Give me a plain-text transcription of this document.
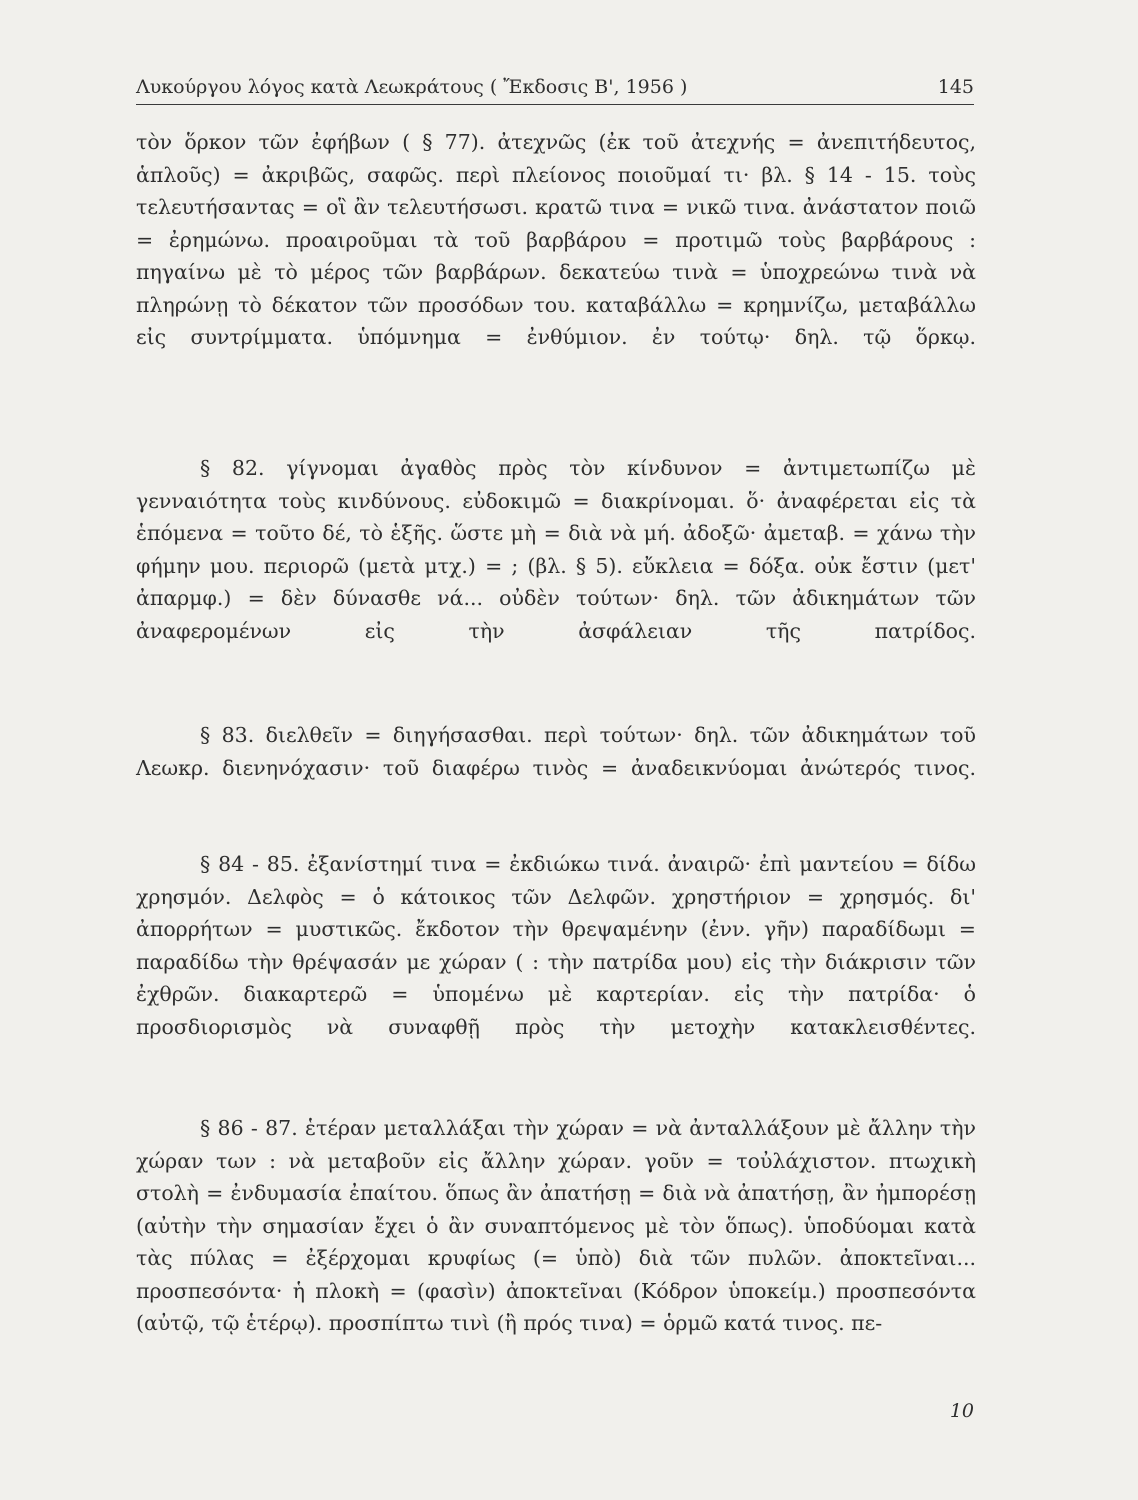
Λυκούργου λόγος κατὰ Λεωκράτους ( Ἔκδοσις Β', 1956 )	145

τὸν ὅρκον τῶν ἐφήβων ( § 77). ἀτεχνῶς (ἐκ τοῦ ἀτεχνής = ἀνεπιτήδευτος, ἁπλοῦς) = ἀκριβῶς, σαφῶς. περὶ πλείονος ποιοῦμαί τι· βλ. § 14 - 15. τοὺς τελευτήσαντας = οἳ ἂν τελευτήσωσι. κρατῶ τινα = νικῶ τινα. ἀνάστατον ποιῶ = ἐρημώνω. προαιροῦμαι τὰ τοῦ βαρβάρου = προτιμῶ τοὺς βαρβάρους : πηγαίνω μὲ τὸ μέρος τῶν βαρβάρων. δεκατεύω τινὰ = ὑποχρεώνω τινὰ νὰ πληρώνῃ τὸ δέκατον τῶν προσόδων του. καταβάλλω = κρημνίζω, μεταβάλλω εἰς συντρίμματα. ὑπόμνημα = ἐνθύμιον. ἐν τούτῳ· δηλ. τῷ ὅρκῳ.

§ 82. γίγνομαι ἀγαθὸς πρὸς τὸν κίνδυνον = ἀντιμετωπίζω μὲ γενναιότητα τοὺς κινδύνους. εὐδοκιμῶ = διακρίνομαι. ὅ· ἀναφέρεται εἰς τὰ ἑπόμενα = τοῦτο δέ, τὸ ἑξῆς. ὥστε μὴ = διὰ νὰ μή. ἀδοξῶ· ἀμεταβ. = χάνω τὴν φήμην μου. περιορῶ (μετὰ μτχ.) = ; (βλ. § 5). εὔκλεια = δόξα. οὐκ ἔστιν (μετ' ἀπαρμφ.) = δὲν δύνασθε νά... οὐδὲν τούτων· δηλ. τῶν ἀδικημάτων τῶν ἀναφερομένων εἰς τὴν ἀσφάλειαν τῆς πατρίδος.

§ 83. διελθεῖν = διηγήσασθαι. περὶ τούτων· δηλ. τῶν ἀδικημάτων τοῦ Λεωκρ. διενηνόχασιν· τοῦ διαφέρω τινὸς = ἀναδεικνύομαι ἀνώτερός τινος.

§ 84 - 85. ἐξανίστημί τινα = ἐκδιώκω τινά. ἀναιρῶ· ἐπὶ μαντείου = δίδω χρησμόν. Δελφὸς = ὁ κάτοικος τῶν Δελφῶν. χρηστήριον = χρησμός. δι' ἀπορρήτων = μυστικῶς. ἔκδοτον τὴν θρεψαμένην (ἐνν. γῆν) παραδίδωμι = παραδίδω τὴν θρέψασάν με χώραν ( : τὴν πατρίδα μου) εἰς τὴν διάκρισιν τῶν ἐχθρῶν. διακαρτερῶ = ὑπομένω μὲ καρτερίαν. εἰς τὴν πατρίδα· ὁ προσδιορισμὸς νὰ συναφθῇ πρὸς τὴν μετοχὴν κατακλεισθέντες.

§ 86 - 87. ἑτέραν μεταλλάξαι τὴν χώραν = νὰ ἀνταλλάξουν μὲ ἄλλην τὴν χώραν των : νὰ μεταβοῦν εἰς ἄλλην χώραν. γοῦν = τοὐλάχιστον. πτωχικὴ στολὴ = ἐνδυμασία ἐπαίτου. ὅπως ἂν ἀπατήσῃ = διὰ νὰ ἀπατήσῃ, ἂν ἠμπορέσῃ (αὐτὴν τὴν σημασίαν ἔχει ὁ ἂν συναπτόμενος μὲ τὸν ὅπως). ὑποδύομαι κατὰ τὰς πύλας = ἐξέρχομαι κρυφίως (= ὑπὸ) διὰ τῶν πυλῶν. ἀποκτεῖναι... προσπεσόντα· ἡ πλοκὴ = (φασὶν) ἀποκτεῖναι (Κόδρον ὑποκείμ.) προσπεσόντα (αὐτῷ, τῷ ἑτέρῳ). προσπίπτω τινὶ (ἢ πρός τινα) = ὁρμῶ κατά τινος. πε-

10
